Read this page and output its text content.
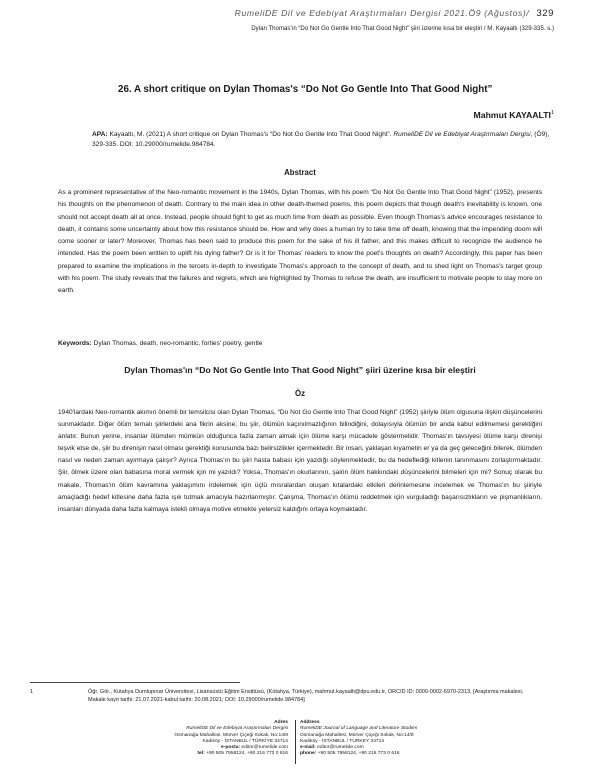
RumeliDE Dil ve Edebiyat Araştırmaları Dergisi 2021.Ö9 (Ağustos)/ 329
Dylan Thomas'ın “Do Not Go Gentle Into That Good Night” şiiri üzerine kısa bir eleştiri / M. Kayaaltı (329-335. s.)
26. A short critique on Dylan Thomas's “Do Not Go Gentle Into That Good Night”
Mahmut KAYAALTI$^1$
APA: Kayaaltı, M. (2021) A short critique on Dylan Thomas's “Do Not Go Gentle Into That Good Night”. RumeliDE Dil ve Edebiyat Araştırmaları Dergisi, (Ö9), 329-335. DOI: 10.29000/rumelide.984784.
Abstract
As a prominent representative of the Neo-romantic movement in the 1940s, Dylan Thomas, with his poem “Do Not Go Gentle Into That Good Night” (1952), presents his thoughts on the phenomenon of death. Contrary to the main idea in other death-themed poems, this poem depicts that though death's inevitability is known, one should not accept death all at once. Instead, people should fight to get as much time from death as possible. Even though Thomas's advice encourages resistance to death, it contains some uncertainty about how this resistance should be. How and why does a human try to take time off death, knowing that the impending doom will come sooner or later? Moreover, Thomas has been said to produce this poem for the sake of his ill father, and this makes difficult to recognize the audience he intended. Has the poem been written to uplift his dying father? Or is it for Thomas' readers to know the poet's thoughts on death? Accordingly, this paper has been prepared to examine the implications in the tercets in-depth to investigate Thomas's approach to the concept of death, and to shed light on Thomas's target group with his poem. The study reveals that the failures and regrets, which are highlighted by Thomas to refuse the death, are insufficient to motivate people to stay more on earth.
Keywords: Dylan Thomas, death, neo-romantic, forties' poetry, gentle
Dylan Thomas'ın “Do Not Go Gentle Into That Good Night” şiiri üzerine kısa bir eleştiri
Öz
1940'lardaki Neo-romantik akımın önemli bir temsilcisi olan Dylan Thomas, “Do Not Go Gentle Into That Good Night” (1952) şiiriyle ölüm olgusuna ilişkin düşüncelerini sunmaktadır. Diğer ölüm temalı şiirlerdeki ana fikrin aksine; bu şiir, ölümün kaçınılmazlığının bilindiğini, dolayısıyla ölümün bir anda kabul edilmemesi gerektiğini anlatır. Bunun yerine, insanlar ölümden mümkün olduğunca fazla zaman almak için ölüme karşı mücadele göstermelidir. Thomas'ın tavsiyesi ölüme karşı direnişi teşvik etse de, şiir bu direnişin nasıl olması gerektiği konusunda bazı belirsizlikler içermektedir. Bir insan, yaklaşan kıyametin er ya da geç geleceğini bilerek, ölümden nasıl ve neden zaman ayırmaya çalışır? Ayrıca Thomas'ın bu şiiri hasta babası için yazdığı söylenmektedir, bu da hedeflediği kitlenin tanınmasını zorlaştırmaktadır. Şiir, ölmek üzere olan babasına moral vermek için mi yazıldı? Yoksa, Thomas'ın okurlarının, şairin ölüm hakkındaki düşüncelerini bilmeleri için mi? Sonuç olarak bu makale, Thomas'ın ölüm kavramına yaklaşımını irdelemek için üçlü mısralardan oluşan kıtalardaki etkileri derinlemesine incelemek ve Thomas'ın bu şiiriyle amaçladığı hedef kitlesine daha fazla ışık tutmak amacıyla hazırlanmıştır. Çalışma, Thomas'ın ölümü reddetmek için vurguladığı başarısızlıkların ve pişmanlıkların, insanları dünyada daha fazla kalmaya istekli olmaya motive etmekte yetersiz kaldığını ortaya koymaktadır.
1	Öğr. Gör., Kütahya Dumlupınar Üniversitesi, Lisansüstü Eğitim Enstitüsü, (Kütahya, Türkiye), mahmut.kayaalti@dpu.edu.tr, ORCID ID: 0000-0002-6970-2313, [Araştırma makalesi, Makale kayıt tarihi: 21.07.2021-kabul tarihi: 20.08.2021; DOI: 10.29000/rumelide.984784]
Adres
RumeliDE Dil ve Edebiyat Araştırmaları Dergisi
Osmanağa Mahallesi, Mürver Çiçeği Sokak, No:14/8
Kadıköy - İSTANBUL / TÜRKİYE 34714
e-posta: editor@rumelide.com
tel: +90 505 7958124, +90 216 773 0 616
Address
RumeliDE Journal of Language and Literature Studies
Osmanağa Mahallesi, Mürver Çiçeği Sokak, No:14/8
Kadıköy - İSTANBUL / TURKEY 34714
e-mail: editor@rumelide.com
phone: +90 505 7958124, +90 216 773 0 616
